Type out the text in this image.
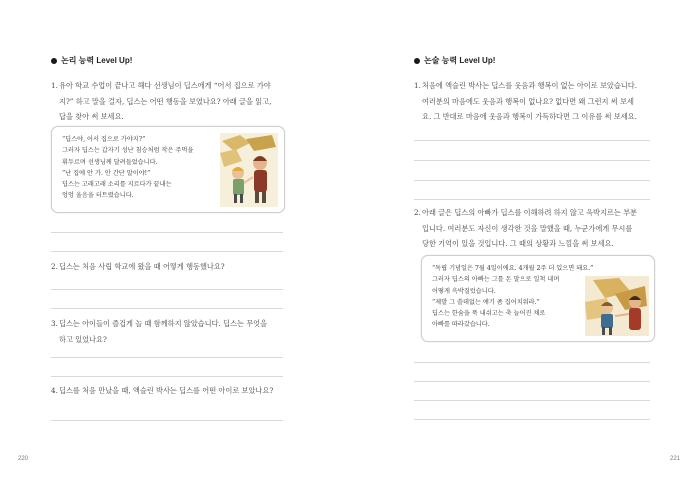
논리 능력 Level Up!
1.유아 학교 수업이 끝나고 해다 선생님이 딥스에게 “어서 집으로 가야
지?” 하고 말을 걸자, 딥스는 어떤 행동을 보였나요? 아래 글을 읽고,
답을 찾아 써 보세요.
“딥스야, 어서 집으로 가야지?”
그러자 딥스는 갑자기 성난 침승처럼 작은 주먹을
휘두르며 선생님께 달려들었습니다.
“난 집에 안 가. 안 간단 말이야!”
딥스는 고래고래 소리를 지르다가 끝내는
엉엉 울음을 터트렸습니다.
2.딥스는 처음 사립 학교에 왔을 때 어떻게 행동했나요?
3.딥스는 아이들이 즐겁게 놀 때 함께하지 않았습니다. 딥스는 무엇을
하고 있었나요?
4.딥스를 처음 만났을 때, 액슬린 박사는 딥스를 어떤 아이로 보았나요?
220
논술 능력 Level Up!
1.처음에 액슬린 박사는 딥스를 웃음과 행복이 없는 아이로 보았습니다.
여러분의 마음에도 웃음과 행복이 없나요? 없다면 왜 그런지 써 보세
요. 그 반대로 마음에 웃음과 행복이 가득하다면 그 이유를 써 보세요.
2.아래 글은 딥스의 아빠가 딥스를 이해하려 하지 않고 윽박지르는 부분
입니다. 여러분도 자신이 생각한 것을 말했을 때, 누군가에게 무시를
당한 기억이 있을 것입니다. 그 때의 상황과 느낌을 써 보세요.
“독립 기념일은 7월 4일이에요. 4개월 2주 더 있으면 돼요.”
그러자 딥스의 아빠는 그를 돈 말으로 일척 내며
어떻게 윽박질렀습니다.
“제발 그 쓸데없는 얘기 좀 집어치워라.”
딥스는 한숨을 푹 내쉬고는 축 늘어진 채로
아빠를 따라갔습니다.
221
